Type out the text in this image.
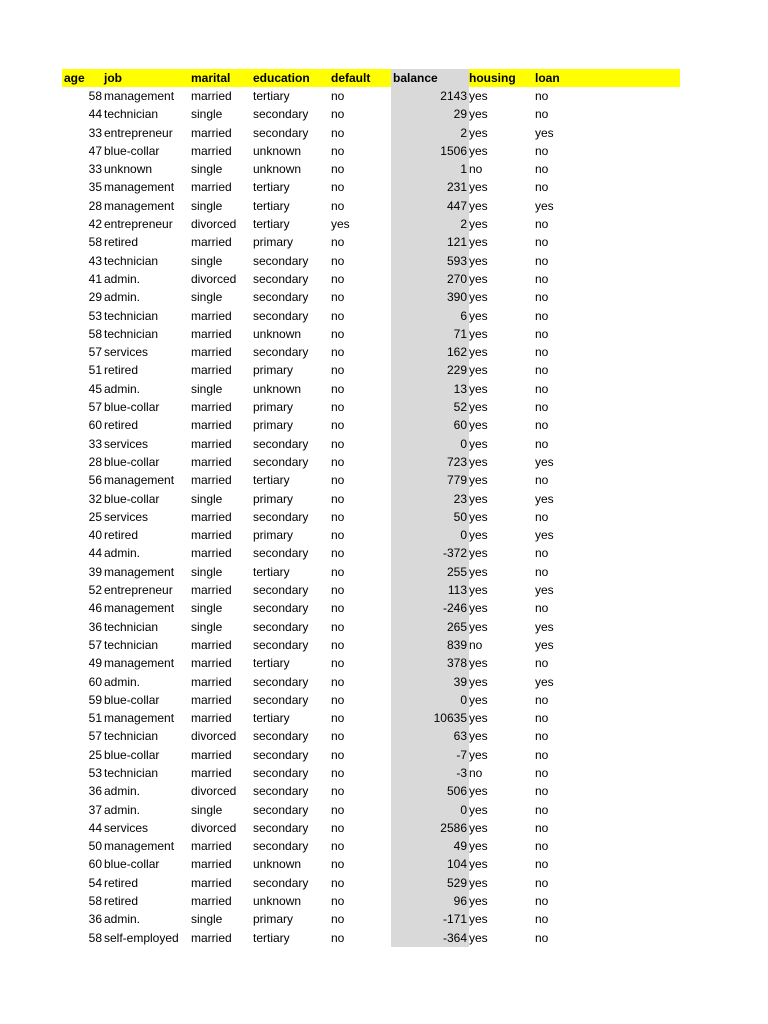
age	job	marital	education	default	balance	housing	loan
58 management	married	tertiary	no	2143 yes	no
44 technician	single	secondary	no	29 yes	no
33 entrepreneur	married	secondary	no	2 yes	yes
47 blue-collar	married	unknown	no	1506 yes	no
33 unknown	single	unknown	no	1 no	no
35 management	married	tertiary	no	231 yes	no
28 management	single	tertiary	no	447 yes	yes
42 entrepreneur	divorced	tertiary	yes	2 yes	no
58 retired	married	primary	no	121 yes	no
43 technician	single	secondary	no	593 yes	no
41 admin.	divorced	secondary	no	270 yes	no
29 admin.	single	secondary	no	390 yes	no
53 technician	married	secondary	no	6 yes	no
58 technician	married	unknown	no	71 yes	no
57 services	married	secondary	no	162 yes	no
51 retired	married	primary	no	229 yes	no
45 admin.	single	unknown	no	13 yes	no
57 blue-collar	married	primary	no	52 yes	no
60 retired	married	primary	no	60 yes	no
33 services	married	secondary	no	0 yes	no
28 blue-collar	married	secondary	no	723 yes	yes
56 management	married	tertiary	no	779 yes	no
32 blue-collar	single	primary	no	23 yes	yes
25 services	married	secondary	no	50 yes	no
40 retired	married	primary	no	0 yes	yes
44 admin.	married	secondary	no	-372 yes	no
39 management	single	tertiary	no	255 yes	no
52 entrepreneur	married	secondary	no	113 yes	yes
46 management	single	secondary	no	-246 yes	no
36 technician	single	secondary	no	265 yes	yes
57 technician	married	secondary	no	839 no	yes
49 management	married	tertiary	no	378 yes	no
60 admin.	married	secondary	no	39 yes	yes
59 blue-collar	married	secondary	no	0 yes	no
51 management	married	tertiary	no	10635 yes	no
57 technician	divorced	secondary	no	63 yes	no
25 blue-collar	married	secondary	no	-7 yes	no
53 technician	married	secondary	no	-3 no	no
36 admin.	divorced	secondary	no	506 yes	no
37 admin.	single	secondary	no	0 yes	no
44 services	divorced	secondary	no	2586 yes	no
50 management	married	secondary	no	49 yes	no
60 blue-collar	married	unknown	no	104 yes	no
54 retired	married	secondary	no	529 yes	no
58 retired	married	unknown	no	96 yes	no
36 admin.	single	primary	no	-171 yes	no
58 self-employed	married	tertiary	no	-364 yes	no
